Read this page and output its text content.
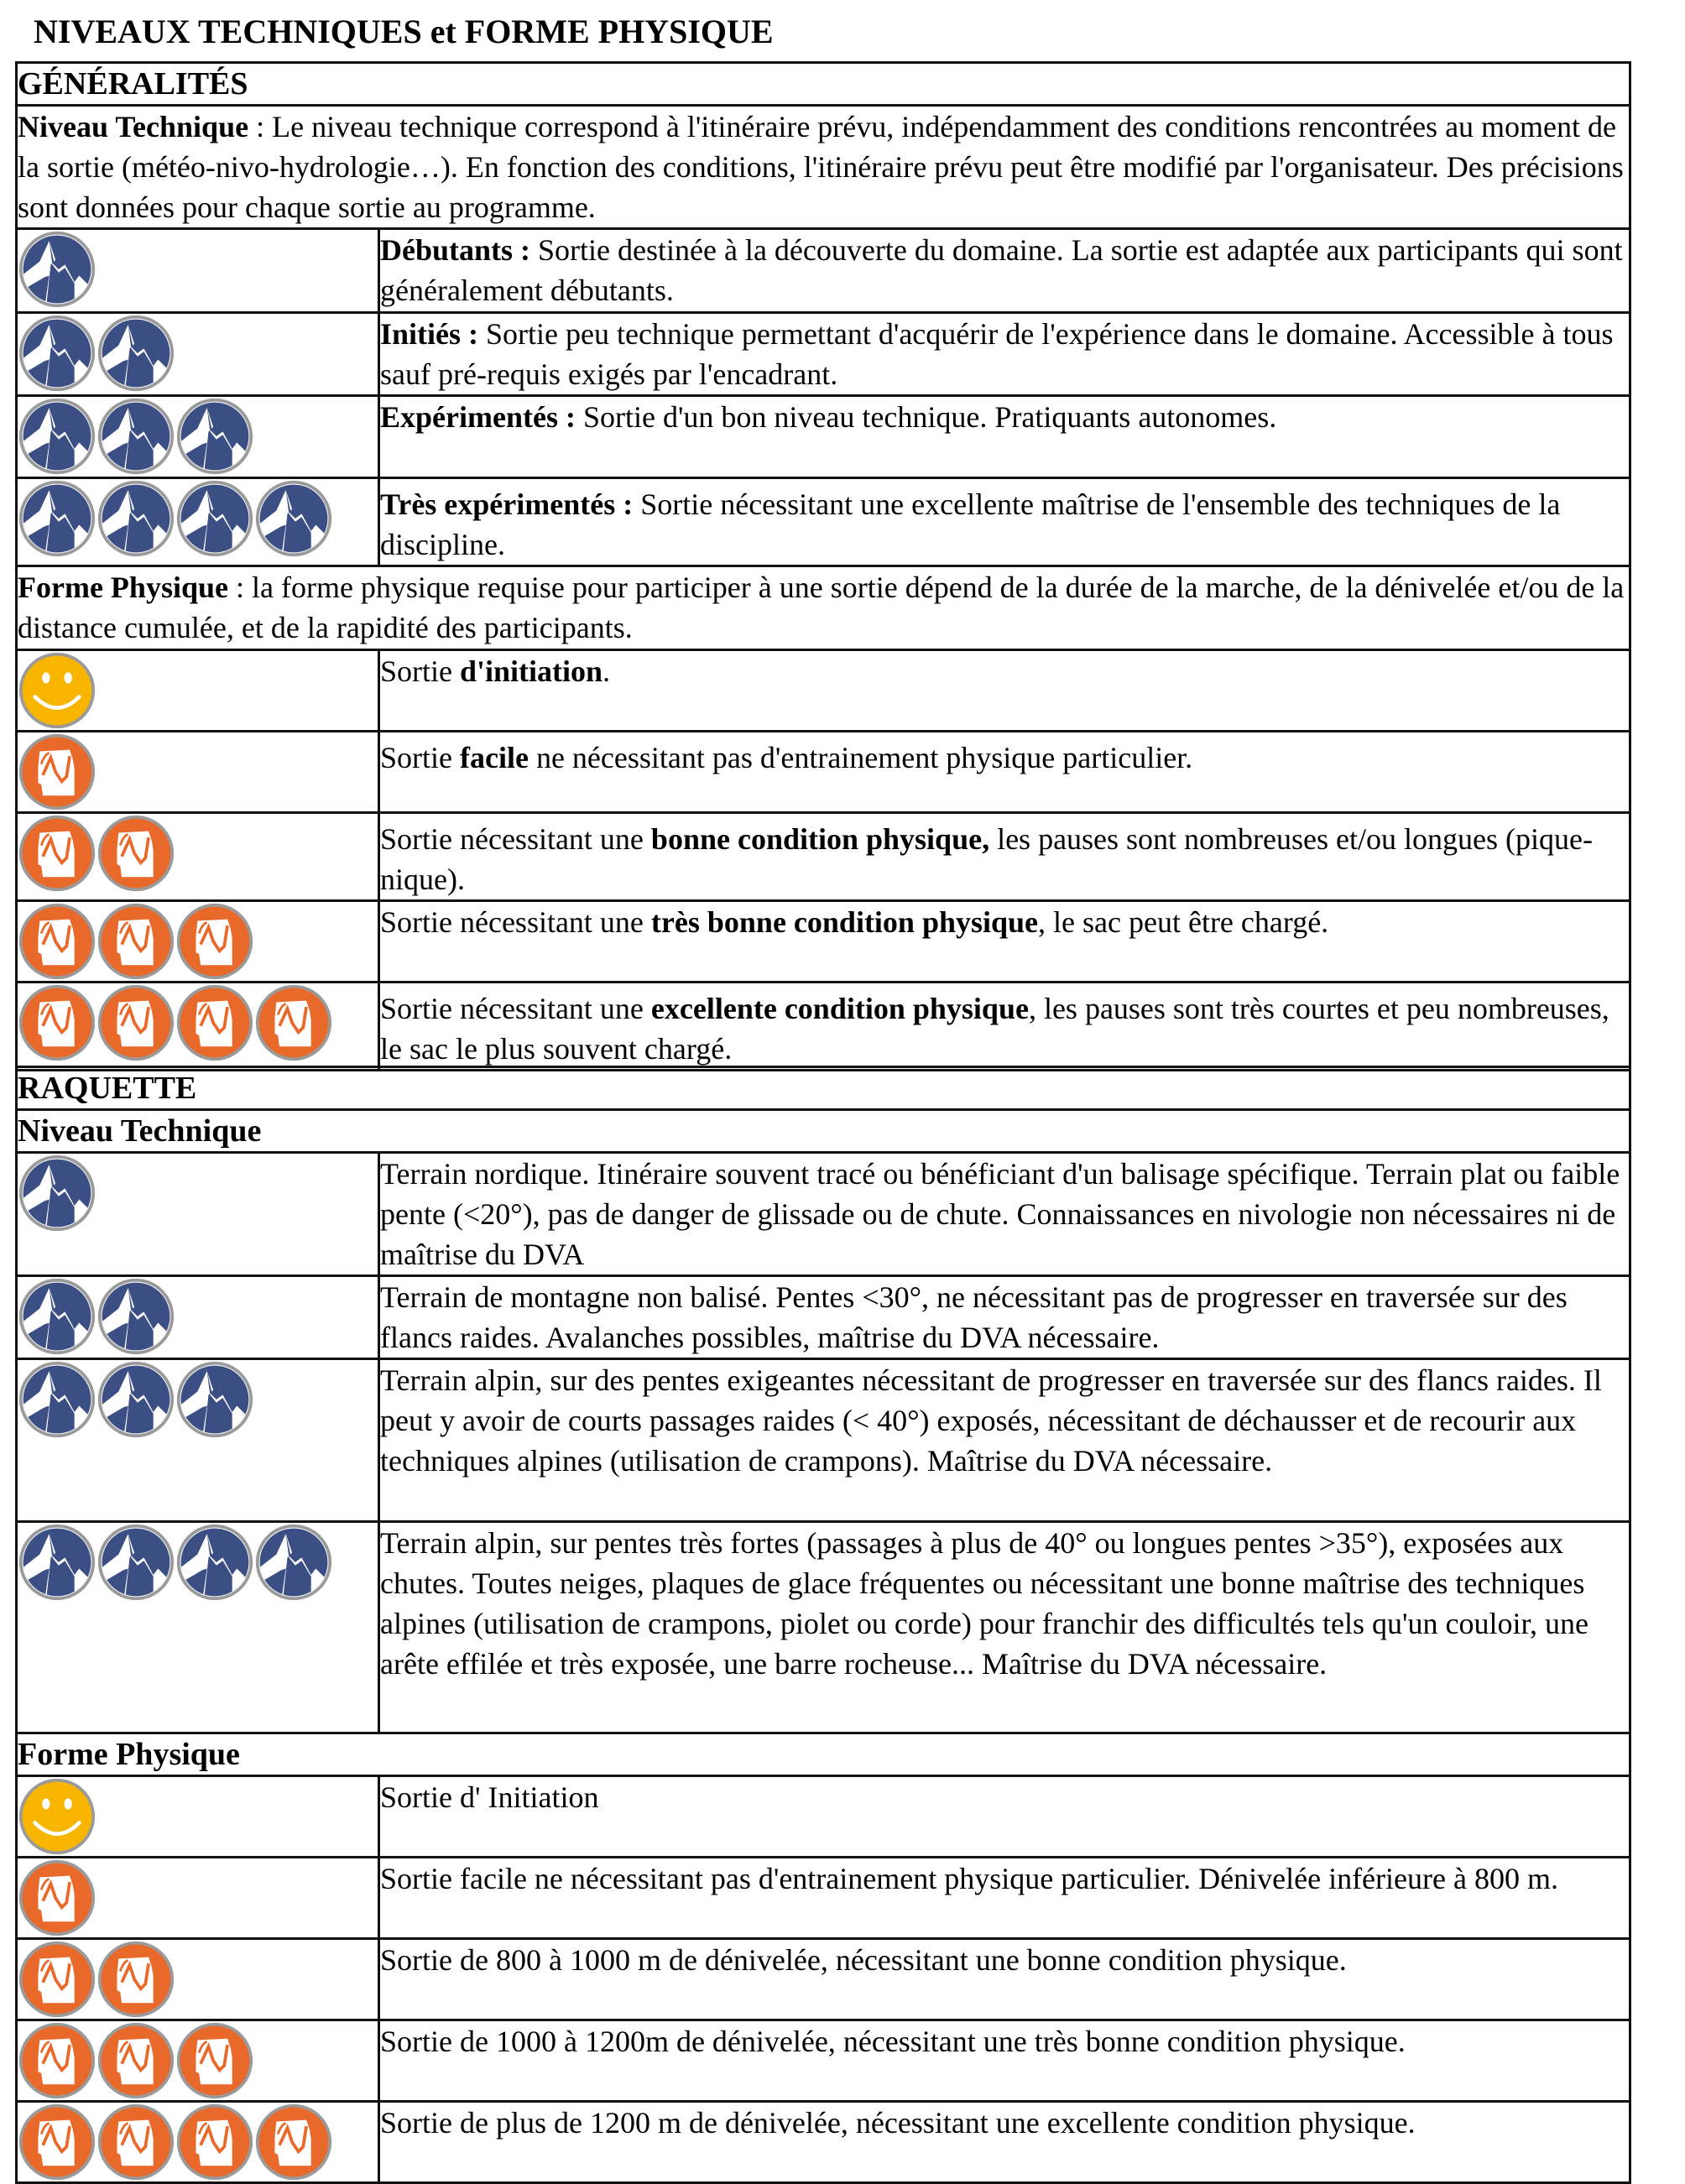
NIVEAUX TECHNIQUES et FORME PHYSIQUE
GÉNÉRALITÉS	
Niveau Technique : Le niveau technique correspond à l'itinéraire prévu, indépendamment des conditions rencontrées au moment de la sortie (météo-nivo-hydrologie…). En fonction des conditions, l'itinéraire prévu peut être modifié par l'organisateur. Des précisions sont données pour chaque sortie au programme.	

	Débutants : Sortie destinée à la découverte du domaine. La sortie est adaptée aux participants qui sont généralement débutants.

	Initiés : Sortie peu technique permettant d'acquérir de l'expérience dans le domaine. Accessible à tous sauf pré-requis exigés par l'encadrant.

	Expérimentés : Sortie d'un bon niveau technique. Pratiquants autonomes.

	Très expérimentés : Sortie nécessitant une excellente maîtrise de l'ensemble des techniques de la discipline.
Forme Physique : la forme physique requise pour participer à une sortie dépend de la durée de la marche, de la dénivelée et/ou de la distance cumulée, et de la rapidité des participants.	

	Sortie d'initiation.

	Sortie facile ne nécessitant pas d'entrainement physique particulier.

	Sortie nécessitant une bonne condition physique, les pauses sont nombreuses et/ou longues (pique-nique).

	Sortie nécessitant une très bonne condition physique, le sac peut être chargé.

	Sortie nécessitant une excellente condition physique, les pauses sont très courtes et peu nombreuses, le sac le plus souvent chargé.
RAQUETTE	
Niveau Technique	

	Terrain nordique. Itinéraire souvent tracé ou bénéficiant d'un balisage spécifique. Terrain plat ou faible pente (<20°), pas de danger de glissade ou de chute. Connaissances en nivologie non nécessaires ni de maîtrise du DVA

	Terrain de montagne non balisé. Pentes <30°, ne nécessitant pas de progresser en traversée sur des flancs raides. Avalanches possibles, maîtrise du DVA nécessaire.

	Terrain alpin, sur des pentes exigeantes nécessitant de progresser en traversée sur des flancs raides. Il peut y avoir de courts passages raides (< 40°) exposés, nécessitant de déchausser et de recourir aux techniques alpines (utilisation de crampons). Maîtrise du DVA nécessaire.

	Terrain alpin, sur pentes très fortes (passages à plus de 40° ou longues pentes >35°), exposées aux chutes. Toutes neiges, plaques de glace fréquentes ou nécessitant une bonne maîtrise des techniques alpines (utilisation de crampons, piolet ou corde) pour franchir des difficultés tels qu'un couloir, une arête effilée et très exposée, une barre rocheuse... Maîtrise du DVA nécessaire.
Forme Physique	

	Sortie d' Initiation

	Sortie facile ne nécessitant pas d'entrainement physique particulier. Dénivelée inférieure à 800 m.

	Sortie de 800 à 1000 m de dénivelée, nécessitant une bonne condition physique.

	Sortie de 1000 à 1200m de dénivelée, nécessitant une très bonne condition physique.

	Sortie de plus de 1200 m de dénivelée, nécessitant une excellente condition physique.
